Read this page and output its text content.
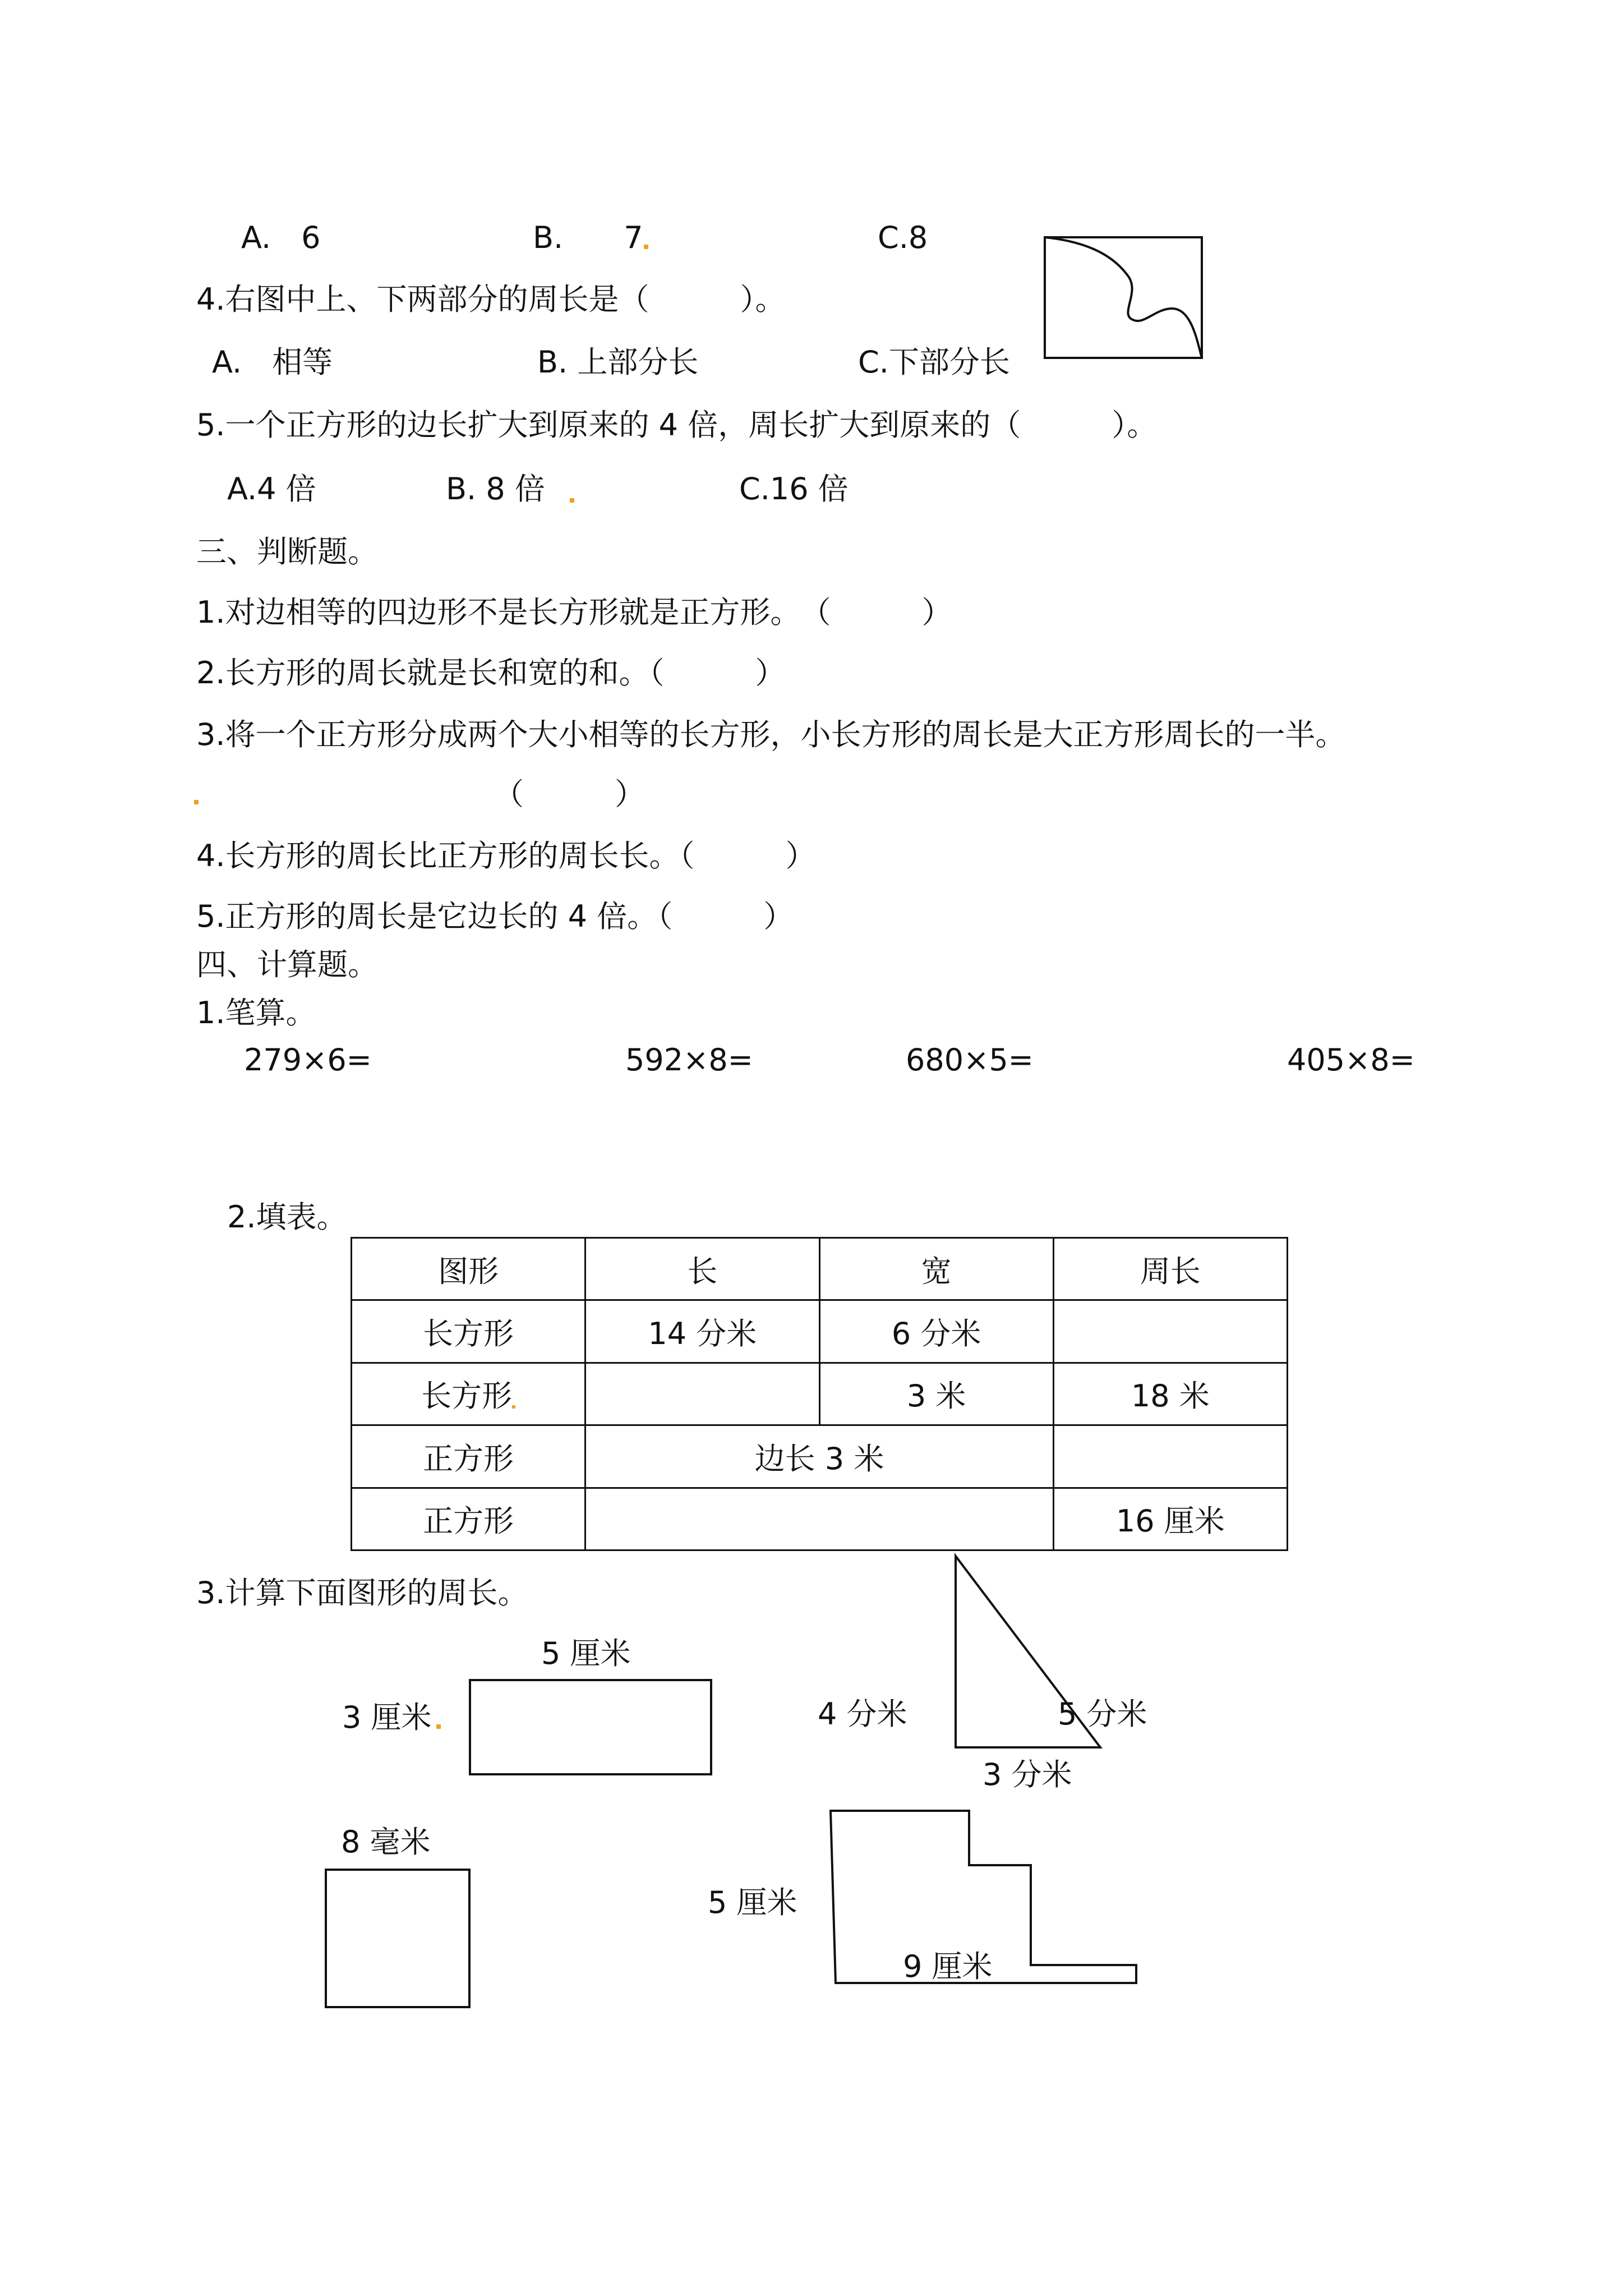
A.　6	B.　　7	C.8
4.右图中上、下两部分的周长是（　　　）。
A.　相等	B. 上部分长	C.下部分长
5.一个正方形的边长扩大到原来的 4 倍，周长扩大到原来的（　　　）。
A.4 倍	B. 8 倍	C.16 倍
三、判断题。
1.对边相等的四边形不是长方形就是正方形。　（　　　）
2.长方形的周长就是长和宽的和。（　　　）
3.将一个正方形分成两个大小相等的长方形，小长方形的周长是大正方形周长的一半。
（　　　）
4.长方形的周长比正方形的周长长。（　　　）
5.正方形的周长是它边长的 4 倍。（　　　）
四、计算题。
1.笔算。
279×6=	592×8=	680×5=	405×8=
2.填表。
图形	长	宽	周长
长方形	14 分米	6 分米	
长方形		3 米	18 米
正方形	边长 3 米		
正方形			16 厘米
3.计算下面图形的周长。
5 厘米
3 厘米	4 分米	5 分米
3 分米
8 毫米
5 厘米
9 厘米
